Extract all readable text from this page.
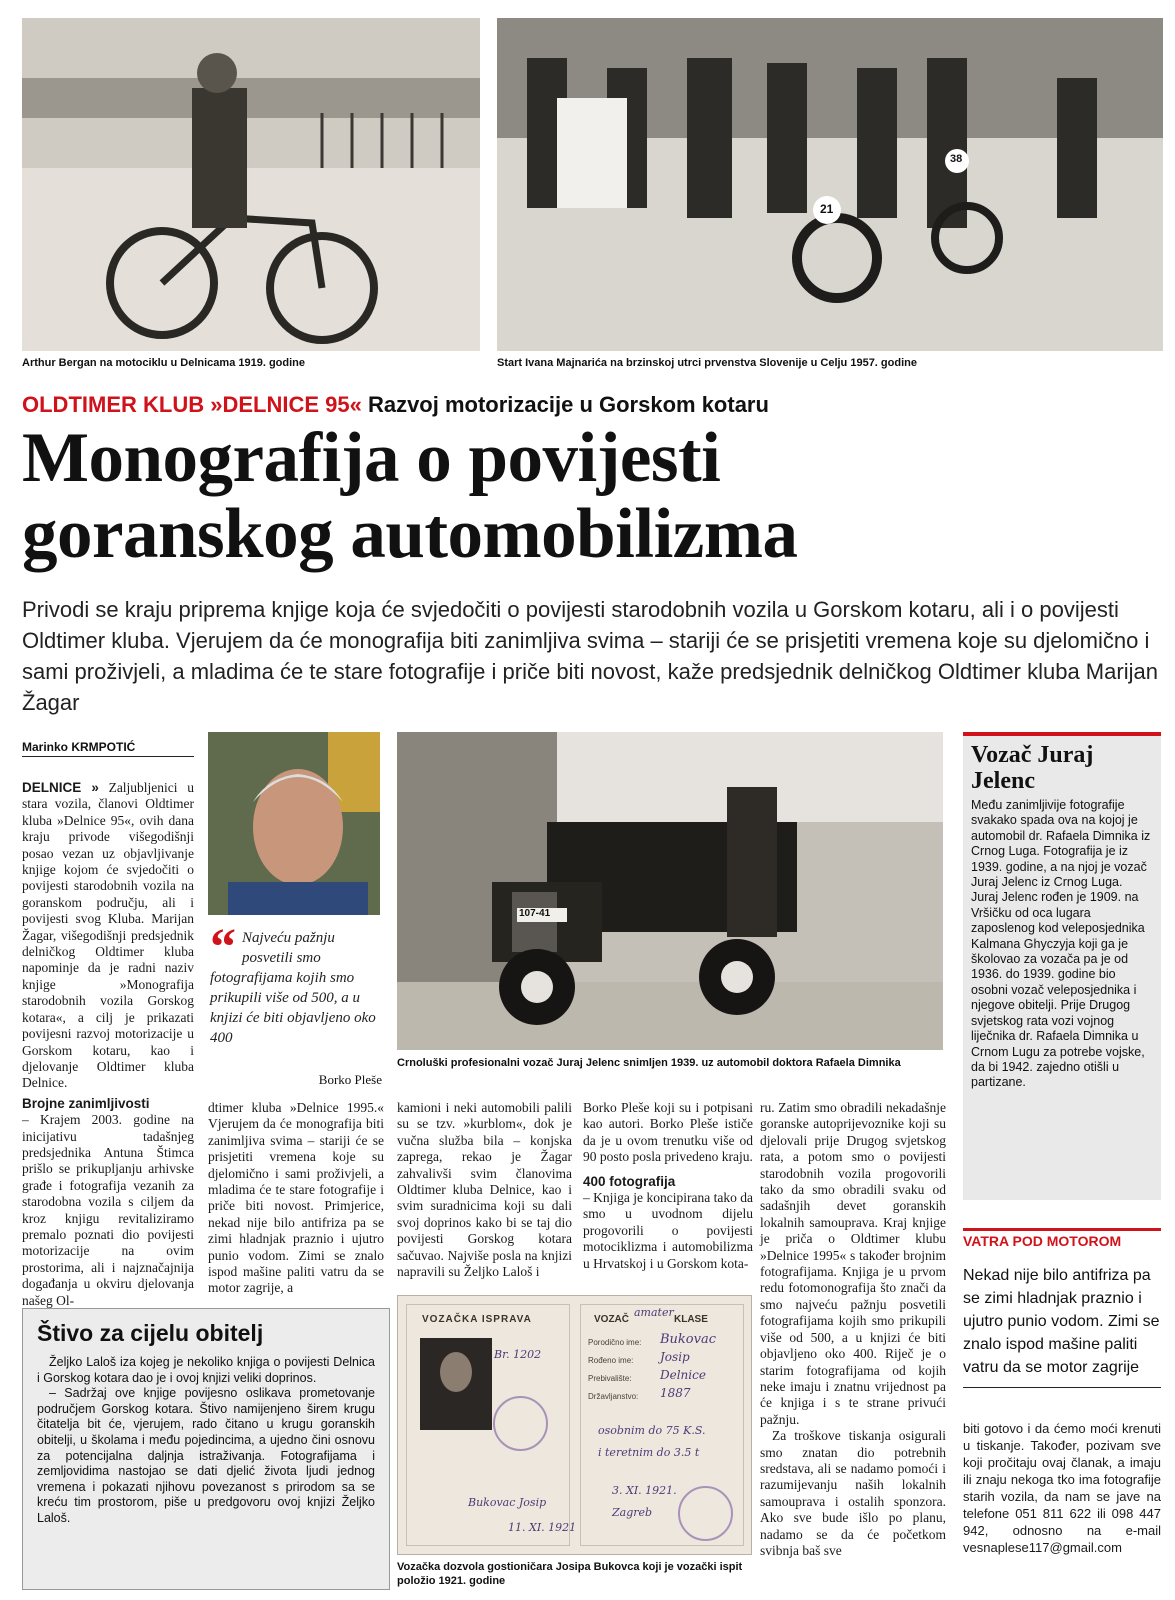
Arthur Bergan na motociklu u Delnicama 1919. godine
21
38
Start Ivana Majnarića na brzinskoj utrci prvenstva Slovenije u Celju 1957. godine
OLDTIMER KLUB »DELNICE 95« Razvoj motorizacije u Gorskom kotaru
Monografija o povijesti
goranskog automobilizma
Privodi se kraju priprema knjige koja će svjedočiti o povijesti starodobnih vozila u Gorskom kotaru, ali i o povijesti Oldtimer kluba. Vjerujem da će monografija biti zanimljiva svima – stariji će se prisjetiti vremena koje su djelomično i sami proživjeli, a mladima će te stare fotografije i priče biti novost, kaže predsjednik delničkog Oldtimer kluba Marijan Žagar
Marinko KRMPOTIĆ

DELNICE » Zaljubljenici u stara vozila, članovi Oldtimer kluba »Delnice 95«, ovih dana kraju privode višegodišnji posao vezan uz objavljivanje knjige kojom će svjedočiti o povijesti starodobnih vozila na goranskom području, ali i povijesti svog Kluba. Marijan Žagar, višegodišnji predsjednik delničkog Oldtimer kluba napominje da je radni naziv knjige »Monografija starodobnih vozila Gorskog kotara«, a cilj je prikazati povijesni razvoj motorizacije u Gorskom kotaru, kao i djelovanje Oldtimer kluba Delnice.

Brojne zanimljivosti

– Krajem 2003. godine na inicijativu tadašnjeg predsjednika Antuna Štimca prišlo se prikupljanju arhivske građe i fotografija vezanih za starodobna vozila s ciljem da kroz knjigu revitaliziramo premalo poznati dio povijesti motorizacije na ovim prostorima, ali i najznačajnija događanja u okviru djelovanja našeg Ol-

“ Najveću pažnju posvetili smo fotografijama kojih smo prikupili više od 500, a u knjizi će biti objavljeno oko 400
Borko Pleše

dtimer kluba »Delnice 1995.« Vjerujem da će monografija biti zanimljiva svima – stariji će se prisjetiti vremena koje su djelomično i sami proživjeli, a mladima će te stare fotografije i priče biti novost. Primjerice, nekad nije bilo antifriza pa se zimi hladnjak praznio i ujutro punio vodom. Zimi se znalo ispod mašine paliti vatru da se motor zagrije, a

107-41
Crnoluški profesionalni vozač Juraj Jelenc snimljen 1939. uz automobil doktora Rafaela Dimnika

kamioni i neki automobili palili su se tzv. »kurblom«, dok je vučna služba bila – konjska zaprega, rekao je Žagar zahvalivši svim članovima Oldtimer kluba Delnice, kao i svim suradnicima koji su dali svoj doprinos kako bi se taj dio povijesti Gorskog kotara sačuvao. Najviše posla na knjizi napravili su Željko Laloš i

Borko Pleše koji su i potpisani kao autori. Borko Pleše ističe da je u ovom trenutku više od 90 posto posla privedeno kraju.

400 fotografija

– Knjiga je koncipirana tako da smo u uvodnom dijelu progovorili o povijesti motociklizma i automobilizma u Hrvatskoj i u Gorskom kota-

ru. Zatim smo obradili nekadašnje goranske autoprijevoznike koji su djelovali prije Drugog svjetskog rata, a potom smo o povijesti starodobnih vozila progovorili tako da smo obradili svaku od sadašnjih devet goranskih lokalnih samouprava. Kraj knjige je priča o Oldtimer klubu »Delnice 1995« s također brojnim fotografijama. Knjiga je u prvom redu fotomonografija što znači da smo najveću pažnju posvetili fotografijama kojih smo prikupili više od 500, a u knjizi će biti objavljeno oko 400. Riječ je o starim fotografijama od kojih neke imaju i znatnu vrijednost pa će knjiga i s te strane privući pažnju.

Za troškove tiskanja osigurali smo znatan dio potrebnih sredstava, ali se nadamo pomoći i razumijevanju naših lokalnih samouprava i ostalih sponzora. Ako sve bude išlo po planu, nadamo se da će početkom svibnja baš sve

VOZAČKA ISPRAVA	VOZAČ
amater
KLASE
Br. 1202
Bukovac Josip
11. XI. 1921
Porodično ime: Bukovac
Rođeno ime: Josip
Prebivalište: Delnice
Državljanstvo: 1887
osobnim do 75 K.S.
i teretnim do 3.5 t
3. XI. 1921.
Zagreb
Vozačka dozvola gostioničara Josipa Bukovca koji je vozački ispit položio 1921. godine
Vozač Juraj Jelenc

Među zanimljivije fotografije svakako spada ova na kojoj je automobil dr. Rafaela Dimnika iz Crnog Luga. Fotografija je iz 1939. godine, a na njoj je vozač Juraj Jelenc iz Crnog Luga. Juraj Jelenc rođen je 1909. na Vršičku od oca lugara zaposlenog kod veleposjednika Kalmana Ghyczyja koji ga je školovao za vozača pa je od 1936. do 1939. godine bio osobni vozač veleposjednika i njegove obitelji. Prije Drugog svjetskog rata vozi vojnog liječnika dr. Rafaela Dimnika u Crnom Lugu za potrebe vojske, da bi 1942. zajedno otišli u partizane.

VATRA POD MOTOROM
Nekad nije bilo antifriza pa se zimi hladnjak praznio i ujutro punio vodom. Zimi se znalo ispod mašine paliti vatru da se motor zagrije

biti gotovo i da ćemo moći krenuti u tiskanje. Također, pozivam sve koji pročitaju ovaj članak, a imaju ili znaju nekoga tko ima fotografije starih vozila, da nam se jave na telefone 051 811 622 ili 098 447 942, odnosno na e-mail vesnaplese117@gmail.com

Štivo za cijelu obitelj

Željko Laloš iza kojeg je nekoliko knjiga o povijesti Delnica i Gorskog kotara dao je i ovoj knjizi veliki doprinos.

– Sadržaj ove knjige povijesno oslikava prometovanje područjem Gorskog kotara. Štivo namijenjeno širem krugu čitatelja bit će, vjerujem, rado čitano u krugu goranskih obitelji, u školama i među pojedincima, a ujedno čini osnovu za potencijalna daljnja istraživanja. Fotografijama i zemljovidima nastojao se dati djelić života ljudi jednog vremena i pokazati njihovu povezanost s prirodom sa se kreću tim prostorom, piše u predgovoru ovoj knjizi Željko Laloš.
